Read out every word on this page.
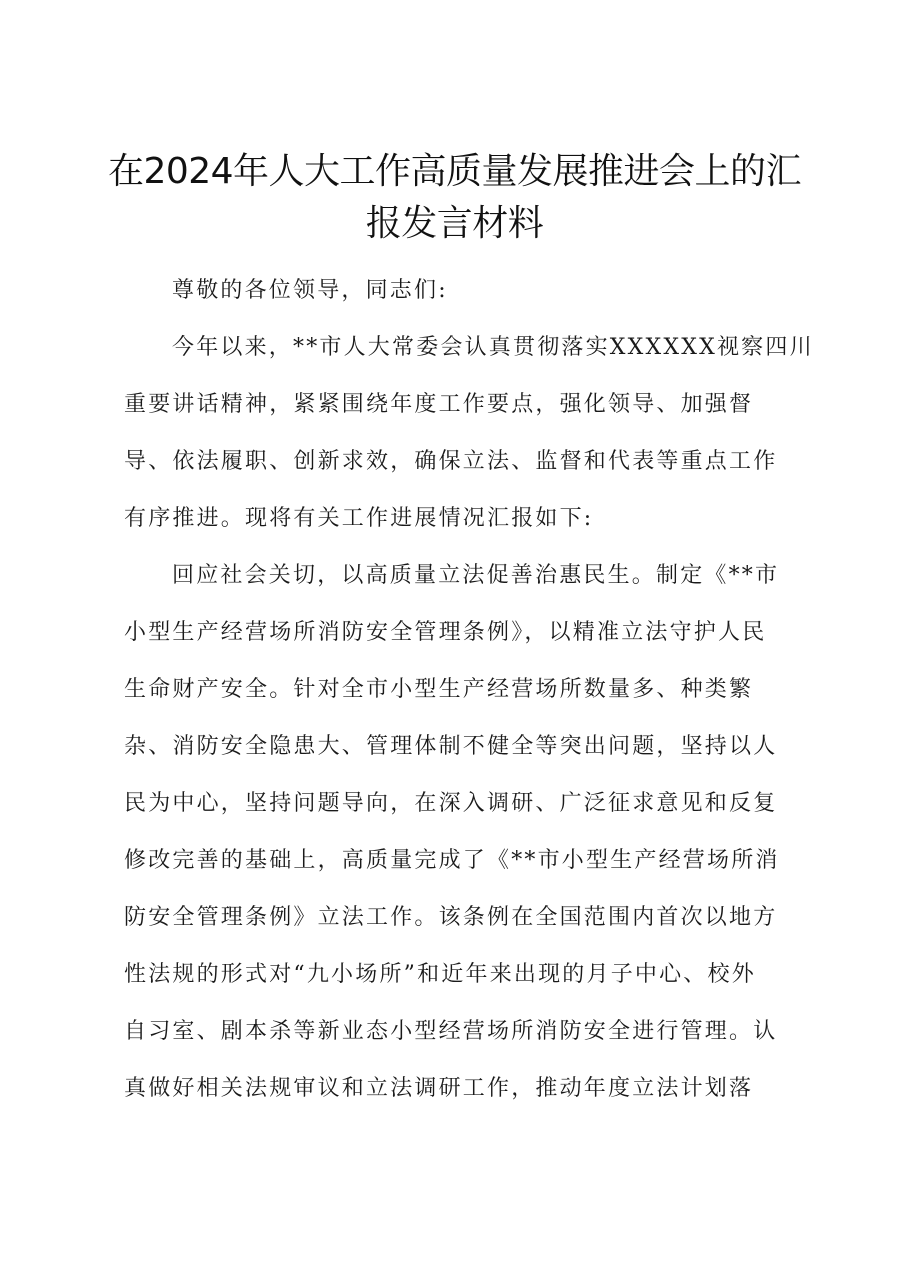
在2024年人大工作高质量发展推进会上的汇
报发言材料
尊敬的各位领导，同志们:
今年以来，**市人大常委会认真贯彻落实XXXXXX视察四川
重要讲话精神，紧紧围绕年度工作要点，强化领导、加强督
导、依法履职、创新求效，确保立法、监督和代表等重点工作
有序推进。现将有关工作进展情况汇报如下:
回应社会关切，以高质量立法促善治惠民生。制定《**市
小型生产经营场所消防安全管理条例》，以精准立法守护人民
生命财产安全。针对全市小型生产经营场所数量多、种类繁
杂、消防安全隐患大、管理体制不健全等突出问题，坚持以人
民为中心，坚持问题导向，在深入调研、广泛征求意见和反复
修改完善的基础上，高质量完成了《**市小型生产经营场所消
防安全管理条例》立法工作。该条例在全国范围内首次以地方
性法规的形式对“九小场所”和近年来出现的月子中心、校外
自习室、剧本杀等新业态小型经营场所消防安全进行管理。认
真做好相关法规审议和立法调研工作，推动年度立法计划落
